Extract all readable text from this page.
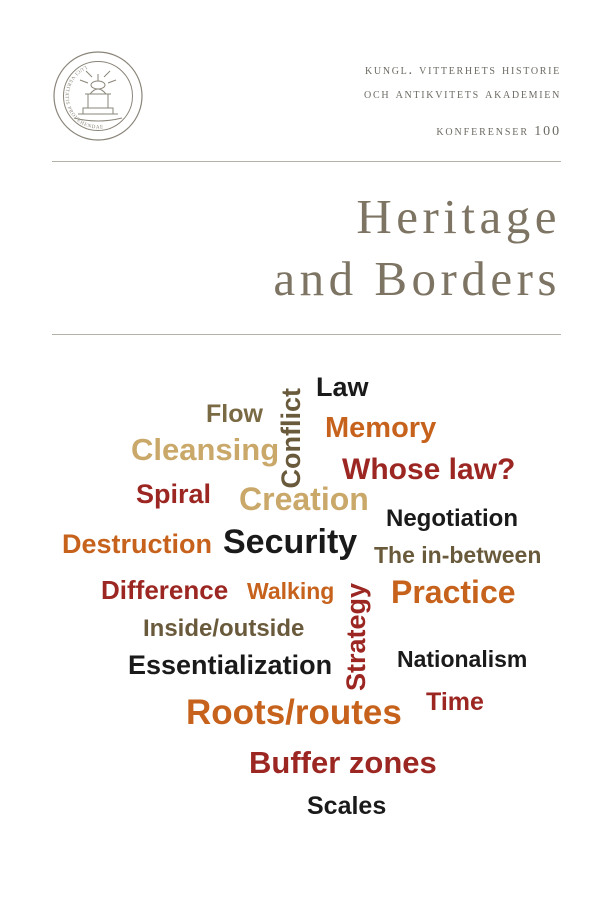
LUCI VERITATIS PROVEHENDAE
kungl. vitterhets historie
och antikvitets akademien
konferenser 100
Heritage
and Borders
Law
Flow Memory
Conflict
Cleansing
Whose law?
Spiral Creation
Negotiation
Destruction Security The in-between
Difference Walking Practice
Inside/outside Strategy
Essentialization	Nationalism
Time
Roots/routes
Buffer zones
Scales
